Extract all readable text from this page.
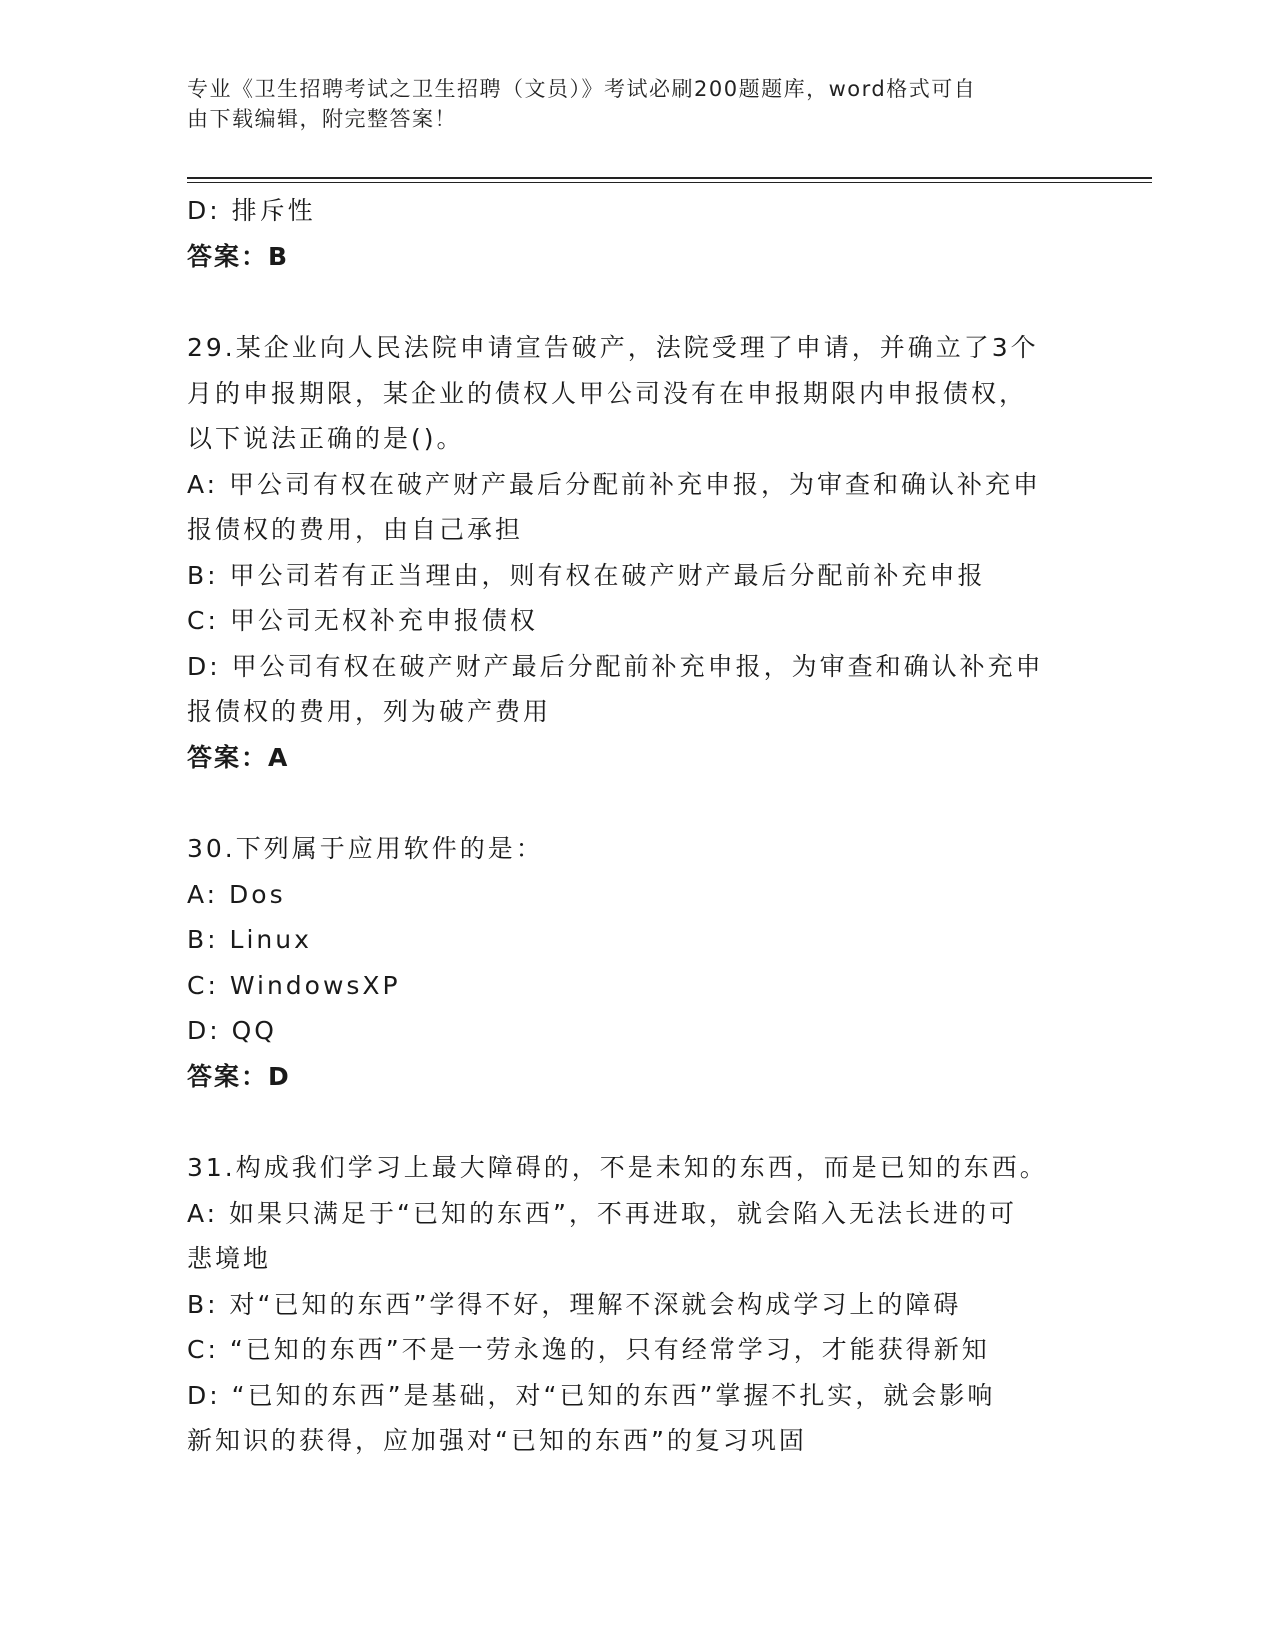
专业《卫生招聘考试之卫生招聘（文员）》考试必刷200题题库，word格式可自
由下载编辑，附完整答案！
D: 排斥性
答案：B
29.某企业向人民法院申请宣告破产，法院受理了申请，并确立了3个
月的申报期限，某企业的债权人甲公司没有在申报期限内申报债权，
以下说法正确的是()。
A: 甲公司有权在破产财产最后分配前补充申报，为审查和确认补充申
报债权的费用，由自己承担
B: 甲公司若有正当理由，则有权在破产财产最后分配前补充申报
C: 甲公司无权补充申报债权
D: 甲公司有权在破产财产最后分配前补充申报，为审查和确认补充申
报债权的费用，列为破产费用
答案：A
30.下列属于应用软件的是：
A: Dos
B: Linux
C: WindowsXP
D: QQ
答案：D
31.构成我们学习上最大障碍的，不是未知的东西，而是已知的东西。
A: 如果只满足于“已知的东西”，不再进取，就会陷入无法长进的可
悲境地
B: 对“已知的东西”学得不好，理解不深就会构成学习上的障碍
C: “已知的东西”不是一劳永逸的，只有经常学习，才能获得新知
D: “已知的东西”是基础，对“已知的东西”掌握不扎实，就会影响
新知识的获得，应加强对“已知的东西”的复习巩固
